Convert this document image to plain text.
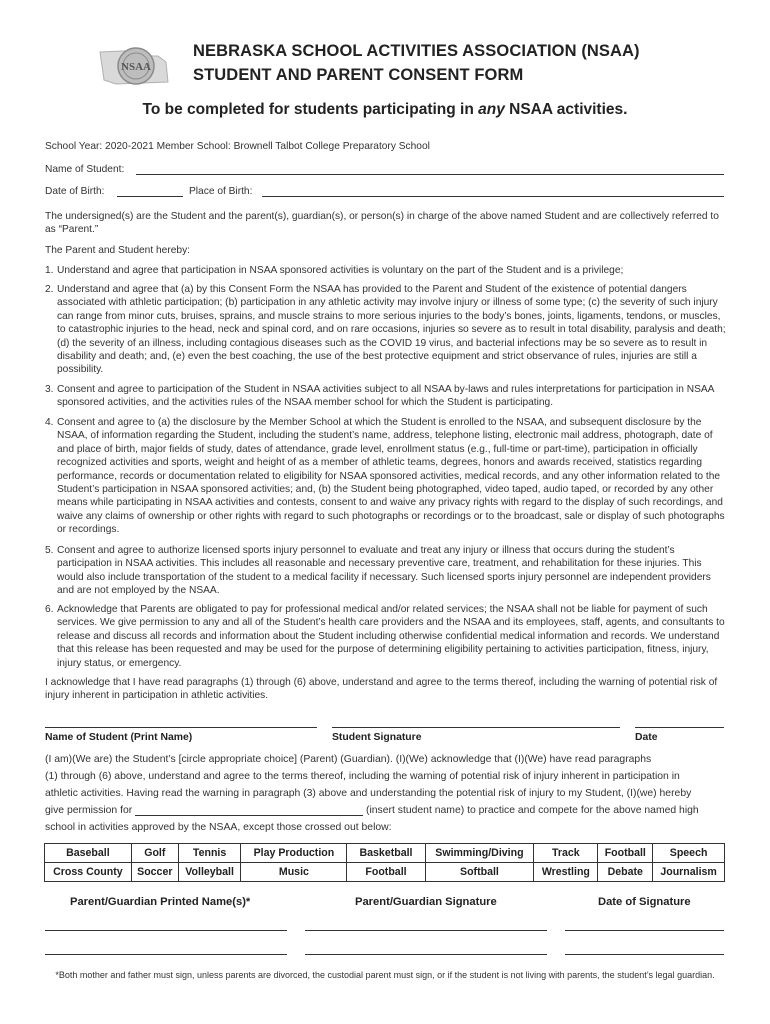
NSAA
NEBRASKA SCHOOL ACTIVITIES ASSOCIATION (NSAA)
STUDENT AND PARENT CONSENT FORM
To be completed for students participating in any NSAA activities.
School Year: 2020-2021 Member School: Brownell Talbot College Preparatory School
Name of Student:
Date of Birth:	Place of Birth:
The undersigned(s) are the Student and the parent(s), guardian(s), or person(s) in charge of the above named Student and are collectively referred to as “Parent.”
The Parent and Student hereby:
1. Understand and agree that participation in NSAA sponsored activities is voluntary on the part of the Student and is a privilege;
2. Understand and agree that (a) by this Consent Form the NSAA has provided to the Parent and Student of the existence of potential dangers associated with athletic participation; (b) participation in any athletic activity may involve injury or illness of some type; (c) the severity of such injury can range from minor cuts, bruises, sprains, and muscle strains to more serious injuries to the body’s bones, joints, ligaments, tendons, or muscles, to catastrophic injuries to the head, neck and spinal cord, and on rare occasions, injuries so severe as to result in total disability, paralysis and death; (d) the severity of an illness, including contagious diseases such as the COVID 19 virus, and bacterial infections may be so severe as to result in disability and death; and, (e) even the best coaching, the use of the best protective equipment and strict observance of rules, injuries are still a possibility.
3. Consent and agree to participation of the Student in NSAA activities subject to all NSAA by-laws and rules interpretations for participation in NSAA sponsored activities, and the activities rules of the NSAA member school for which the Student is participating.
4. Consent and agree to (a) the disclosure by the Member School at which the Student is enrolled to the NSAA, and subsequent disclosure by the NSAA, of information regarding the Student, including the student’s name, address, telephone listing, electronic mail address, photograph, date of and place of birth, major fields of study, dates of attendance, grade level, enrollment status (e.g., full-time or part-time), participation in officially recognized activities and sports, weight and height of as a member of athletic teams, degrees, honors and awards received, statistics regarding performance, records or documentation related to eligibility for NSAA sponsored activities, medical records, and any other information related to the Student’s participation in NSAA sponsored activities; and, (b) the Student being photographed, video taped, audio taped, or recorded by any other means while participating in NSAA activities and contests, consent to and waive any privacy rights with regard to the display of such recordings, and waive any claims of ownership or other rights with regard to such photographs or recordings or to the broadcast, sale or display of such photographs or recordings.
5. Consent and agree to authorize licensed sports injury personnel to evaluate and treat any injury or illness that occurs during the student’s participation in NSAA activities. This includes all reasonable and necessary preventive care, treatment, and rehabilitation for these injuries. This would also include transportation of the student to a medical facility if necessary. Such licensed sports injury personnel are independent providers and are not employed by the NSAA.
6. Acknowledge that Parents are obligated to pay for professional medical and/or related services; the NSAA shall not be liable for payment of such services. We give permission to any and all of the Student’s health care providers and the NSAA and its employees, staff, agents, and consultants to release and discuss all records and information about the Student including otherwise confidential medical information and records. We understand that this release has been requested and may be used for the purpose of determining eligibility pertaining to activities participation, fitness, injury, injury status, or emergency.
I acknowledge that I have read paragraphs (1) through (6) above, understand and agree to the terms thereof, including the warning of potential risk of injury inherent in participation in athletic activities.
Name of Student (Print Name)	Student Signature	Date
(I am)(We are) the Student’s [circle appropriate choice] (Parent) (Guardian). (I)(We) acknowledge that (I)(We) have read paragraphs
(1) through (6) above, understand and agree to the terms thereof, including the warning of potential risk of injury inherent in participation in
athletic activities. Having read the warning in paragraph (3) above and understanding the potential risk of injury to my Student, (I)(we) hereby
give permission for	(insert student name) to practice and compete for the above named high
school in activities approved by the NSAA, except those crossed out below:
Baseball	Golf	Tennis	Play Production	Basketball	Swimming/Diving	Track	Football	Speech
Cross County	Soccer	Volleyball	Music	Football	Softball	Wrestling	Debate	Journalism
Parent/Guardian Printed Name(s)*	Parent/Guardian Signature	Date of Signature
*Both mother and father must sign, unless parents are divorced, the custodial parent must sign, or if the student is not living with parents, the student’s legal guardian.
